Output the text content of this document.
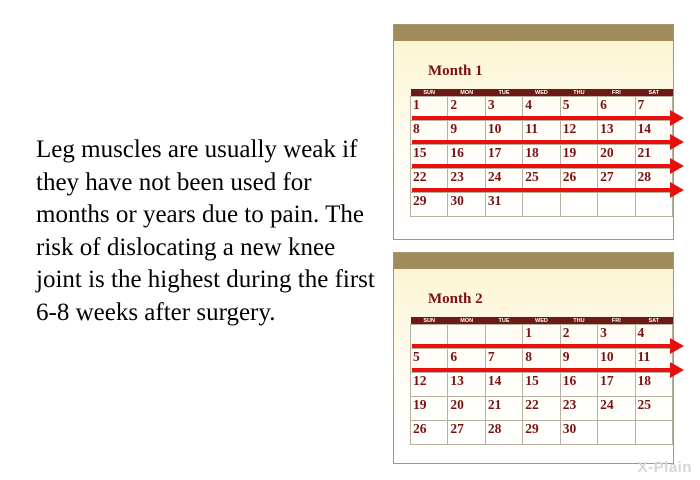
Leg muscles are usually weak if they have not been used for months or years due to pain. The risk of dislocating a new knee joint is the highest during the first 6-8 weeks after surgery.
Month 1
SUN	MON	TUE	WED	THU	FRI	SAT
1	2	3	4	5	6	7
8	9	10	11	12	13	14
15	16	17	18	19	20	21
22	23	24	25	26	27	28
29	30	31				
Month 2
SUN	MON	TUE	WED	THU	FRI	SAT
			1	2	3	4
5	6	7	8	9	10	11
12	13	14	15	16	17	18
19	20	21	22	23	24	25
26	27	28	29	30		
X-Plain
